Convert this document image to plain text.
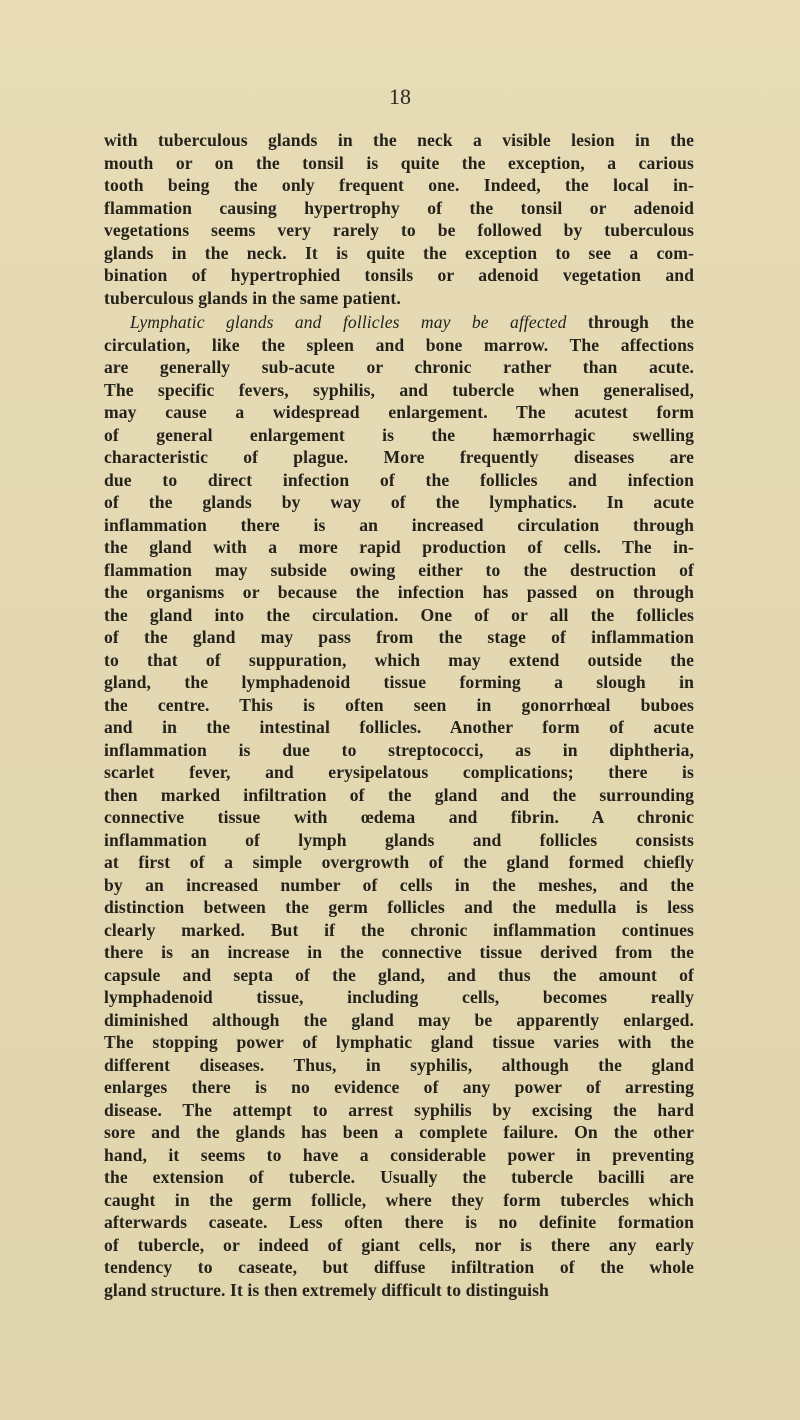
18
with tuberculous glands in the neck a visible lesion in the
mouth or on the tonsil is quite the exception, a carious
tooth being the only frequent one. Indeed, the local in-
flammation causing hypertrophy of the tonsil or adenoid
vegetations seems very rarely to be followed by tuberculous
glands in the neck. It is quite the exception to see a com-
bination of hypertrophied tonsils or adenoid vegetation and
tuberculous glands in the same patient.
Lymphatic glands and follicles may be affected through the
circulation, like the spleen and bone marrow. The affections
are generally sub-acute or chronic rather than acute.
The specific fevers, syphilis, and tubercle when generalised,
may cause a widespread enlargement. The acutest form
of general enlargement is the hæmorrhagic swelling
characteristic of plague. More frequently diseases are
due to direct infection of the follicles and infection
of the glands by way of the lymphatics. In acute
inflammation there is an increased circulation through
the gland with a more rapid production of cells. The in-
flammation may subside owing either to the destruction of
the organisms or because the infection has passed on through
the gland into the circulation. One of or all the follicles
of the gland may pass from the stage of inflammation
to that of suppuration, which may extend outside the
gland, the lymphadenoid tissue forming a slough in
the centre. This is often seen in gonorrhœal buboes
and in the intestinal follicles. Another form of acute
inflammation is due to streptococci, as in diphtheria,
scarlet fever, and erysipelatous complications; there is
then marked infiltration of the gland and the surrounding
connective tissue with œdema and fibrin. A chronic
inflammation of lymph glands and follicles consists
at first of a simple overgrowth of the gland formed chiefly
by an increased number of cells in the meshes, and the
distinction between the germ follicles and the medulla is less
clearly marked. But if the chronic inflammation continues
there is an increase in the connective tissue derived from the
capsule and septa of the gland, and thus the amount of
lymphadenoid tissue, including cells, becomes really
diminished although the gland may be apparently enlarged.
The stopping power of lymphatic gland tissue varies with the
different diseases. Thus, in syphilis, although the gland
enlarges there is no evidence of any power of arresting
disease. The attempt to arrest syphilis by excising the hard
sore and the glands has been a complete failure. On the other
hand, it seems to have a considerable power in preventing
the extension of tubercle. Usually the tubercle bacilli are
caught in the germ follicle, where they form tubercles which
afterwards caseate. Less often there is no definite formation
of tubercle, or indeed of giant cells, nor is there any early
tendency to caseate, but diffuse infiltration of the whole
gland structure. It is then extremely difficult to distinguish
